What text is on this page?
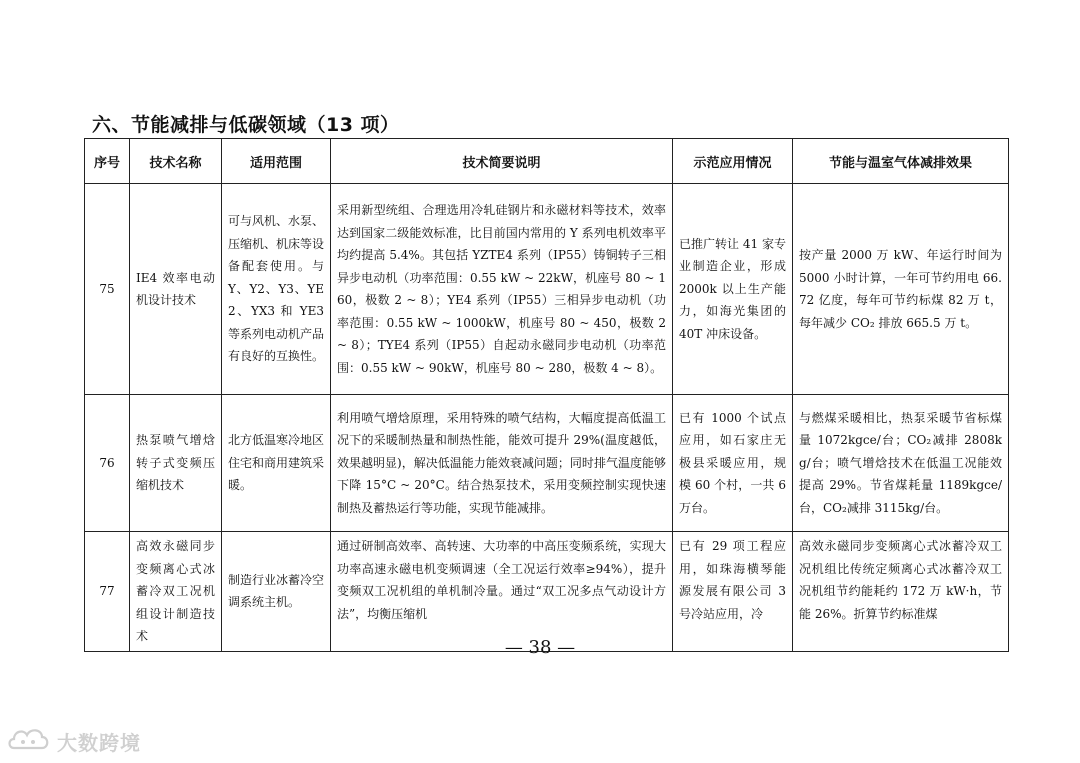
六、节能减排与低碳领域（13 项）
序号	技术名称	适用范围	技术简要说明	示范应用情况	节能与温室气体减排效果
75	IE4 效率电动机设计技术	可与风机、水泵、压缩机、机床等设备配套使用。与 Y、Y2、Y3、YE2、YX3 和 YE3 等系列电动机产品有良好的互换性。	采用新型统组、合理选用冷轧硅钢片和永磁材料等技术，效率达到国家二级能效标准，比目前国内常用的 Y 系列电机效率平均约提高 5.4%。其包括 YZTE4 系列（IP55）铸铜转子三相异步电动机（功率范围：0.55 kW ~ 22kW，机座号 80 ~ 160，极数 2 ~ 8）；YE4 系列（IP55）三相异步电动机（功率范围：0.55 kW ~ 1000kW，机座号 80 ~ 450，极数 2 ~ 8）；TYE4 系列（IP55）自起动永磁同步电动机（功率范围：0.55 kW ~ 90kW，机座号 80 ~ 280，极数 4 ~ 8）。	已推广转让 41 家专业制造企业，形成 2000k 以上生产能力，如海光集团的 40T 冲床设备。	按产量 2000 万 kW、年运行时间为 5000 小时计算，一年可节约用电 66.72 亿度，每年可节约标煤 82 万 t，每年减少 CO₂ 排放 665.5 万 t。
76	热泵喷气增焓转子式变频压缩机技术	北方低温寒冷地区住宅和商用建筑采暖。	利用喷气增焓原理，采用特殊的喷气结构，大幅度提高低温工况下的采暖制热量和制热性能，能效可提升 29%(温度越低，效果越明显)，解决低温能力能效衰减问题；同时排气温度能够下降 15°C ~ 20°C。结合热泵技术，采用变频控制实现快速制热及蓄热运行等功能，实现节能减排。	已有 1000 个试点应用，如石家庄无极县采暖应用，规模 60 个村，一共 6 万台。	与燃煤采暖相比，热泵采暖节省标煤量 1072kgce/台；CO₂减排 2808kg/台；喷气增焓技术在低温工况能效提高 29%。节省煤耗量 1189kgce/台，CO₂减排 3115kg/台。
77	高效永磁同步变频离心式冰蓄冷双工况机组设计制造技术	制造行业冰蓄冷空调系统主机。	通过研制高效率、高转速、大功率的中高压变频系统，实现大功率高速永磁电机变频调速（全工况运行效率≥94%），提升变频双工况机组的单机制冷量。通过“双工况多点气动设计方法”，均衡压缩机	已有 29 项工程应用，如珠海横琴能源发展有限公司 3 号冷站应用，冷	高效永磁同步变频离心式冰蓄冷双工况机组比传统定频离心式冰蓄冷双工况机组节约能耗约 172 万 kW·h，节能 26%。折算节约标准煤
— 38 —
大数跨境
